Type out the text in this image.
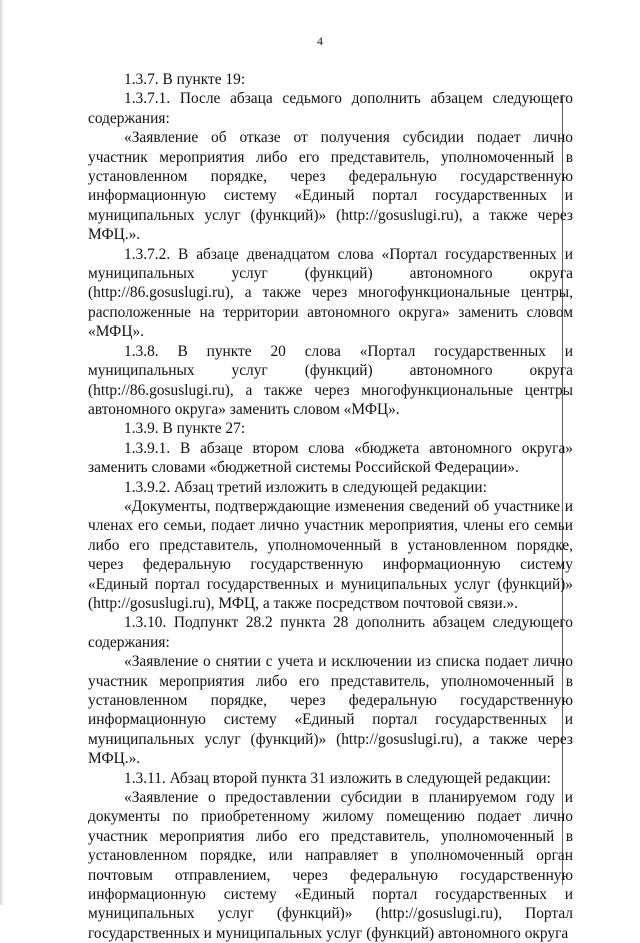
4

1.3.7. В пункте 19:

1.3.7.1. После абзаца седьмого дополнить абзацем следующего содержания:

«Заявление об отказе от получения субсидии подает лично участник мероприятия либо его представитель, уполномоченный в установленном порядке, через федеральную государственную информационную систему «Единый портал государственных и муниципальных услуг (функций)» (http://gosuslugi.ru), а также через МФЦ.».

1.3.7.2. В абзаце двенадцатом слова «Портал государственных и муниципальных услуг (функций) автономного округа (http://86.gosuslugi.ru), а также через многофункциональные центры, расположенные на территории автономного округа» заменить словом «МФЦ».

1.3.8. В пункте 20 слова «Портал государственных и муниципальных услуг (функций) автономного округа (http://86.gosuslugi.ru), а также через многофункциональные центры автономного округа» заменить словом «МФЦ».

1.3.9. В пункте 27:

1.3.9.1. В абзаце втором слова «бюджета автономного округа» заменить словами «бюджетной системы Российской Федерации».

1.3.9.2. Абзац третий изложить в следующей редакции:

«Документы, подтверждающие изменения сведений об участнике и членах его семьи, подает лично участник мероприятия, члены его семьи либо его представитель, уполномоченный в установленном порядке, через федеральную государственную информационную систему «Единый портал государственных и муниципальных услуг (функций)» (http://gosuslugi.ru), МФЦ, а также посредством почтовой связи.».

1.3.10. Подпункт 28.2 пункта 28 дополнить абзацем следующего содержания:

«Заявление о снятии с учета и исключении из списка подает лично участник мероприятия либо его представитель, уполномоченный в установленном порядке, через федеральную государственную информационную систему «Единый портал государственных и муниципальных услуг (функций)» (http://gosuslugi.ru), а также через МФЦ.».

1.3.11. Абзац второй пункта 31 изложить в следующей редакции:

«Заявление о предоставлении субсидии в планируемом году и документы по приобретенному жилому помещению подает лично участник мероприятия либо его представитель, уполномоченный в установленном порядке, или направляет в уполномоченный орган почтовым отправлением, через федеральную государственную информационную систему «Единый портал государственных и муниципальных услуг (функций)» (http://gosuslugi.ru), Портал государственных и муниципальных услуг (функций) автономного округа
